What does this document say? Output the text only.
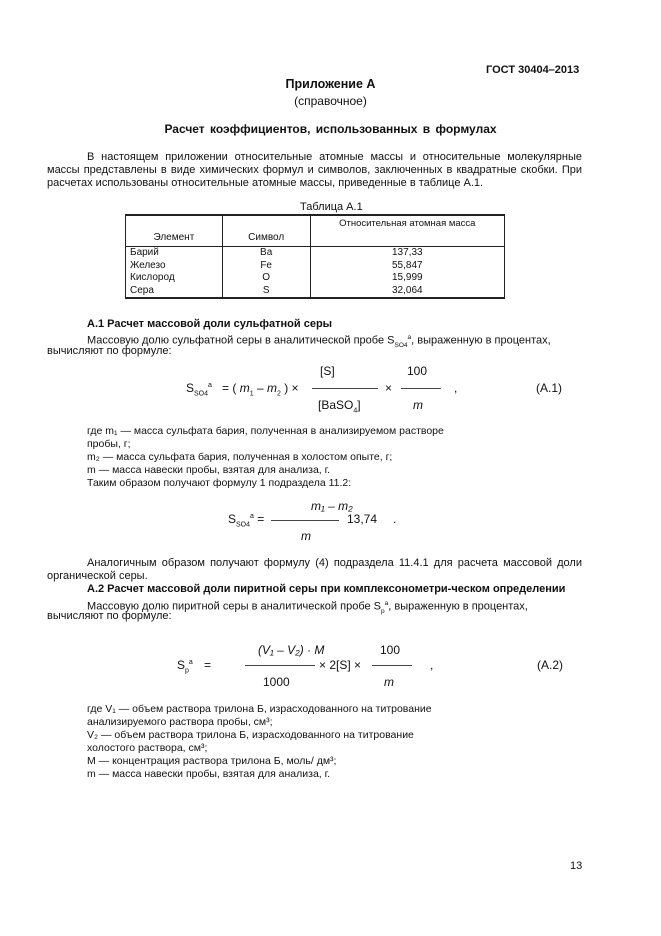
ГОСТ 30404–2013
Приложение А
(справочное)
Расчет коэффициентов, использованных в формулах
В настоящем приложении относительные атомные массы и относительные молекулярные массы представлены в виде химических формул и символов, заключенных в квадратные скобки. При расчетах использованы относительные атомные массы, приведенные в таблице А.1.
Таблица А.1
Элемент	Символ	Относительная атомная масса
Барий	Ba	137,33
Железо	Fe	55,847
Кислород	O	15,999
Сера	S	32,064
А.1 Расчет массовой доли сульфатной серы
Массовую долю сульфатной серы в аналитической пробе $S_{SO4}^a$, выраженную в процентах,
вычисляют по формуле:
[S]	100
$S_{SO4}^a$ = ( $m_1 - m_2$ ) ×	×	,	(А.1)
[BaSO$_4$]	m
где m₁ — масса сульфата бария, полученная в анализируемом растворе
пробы, г;
m₂ — масса сульфата бария, полученная в холостом опыте, г;
m — масса навески пробы, взятая для анализа, г.
Таким образом получают формулу 1 подраздела 11.2:
m₁ – m₂
$S_{SO4}^a$ =	13,74 .
m
Аналогичным образом получают формулу (4) подраздела 11.4.1 для расчета массовой доли органической серы.
А.2 Расчет массовой доли пиритной серы при комплексонометри-ческом определении
Массовую долю пиритной серы в аналитической пробе $S_p^a$, выраженную в процентах,
вычисляют по формуле:
(V₁ – V₂) · M	100
$S_p^a$ =	× 2[S] ×	,	(А.2)
1000	m
где V₁ — объем раствора трилона Б, израсходованного на титрование
анализируемого раствора пробы, см³;
V₂ — объем раствора трилона Б, израсходованного на титрование
холостого раствора, см³;
М — концентрация раствора трилона Б, моль/ дм³;
m — масса навески пробы, взятая для анализа, г.
13
